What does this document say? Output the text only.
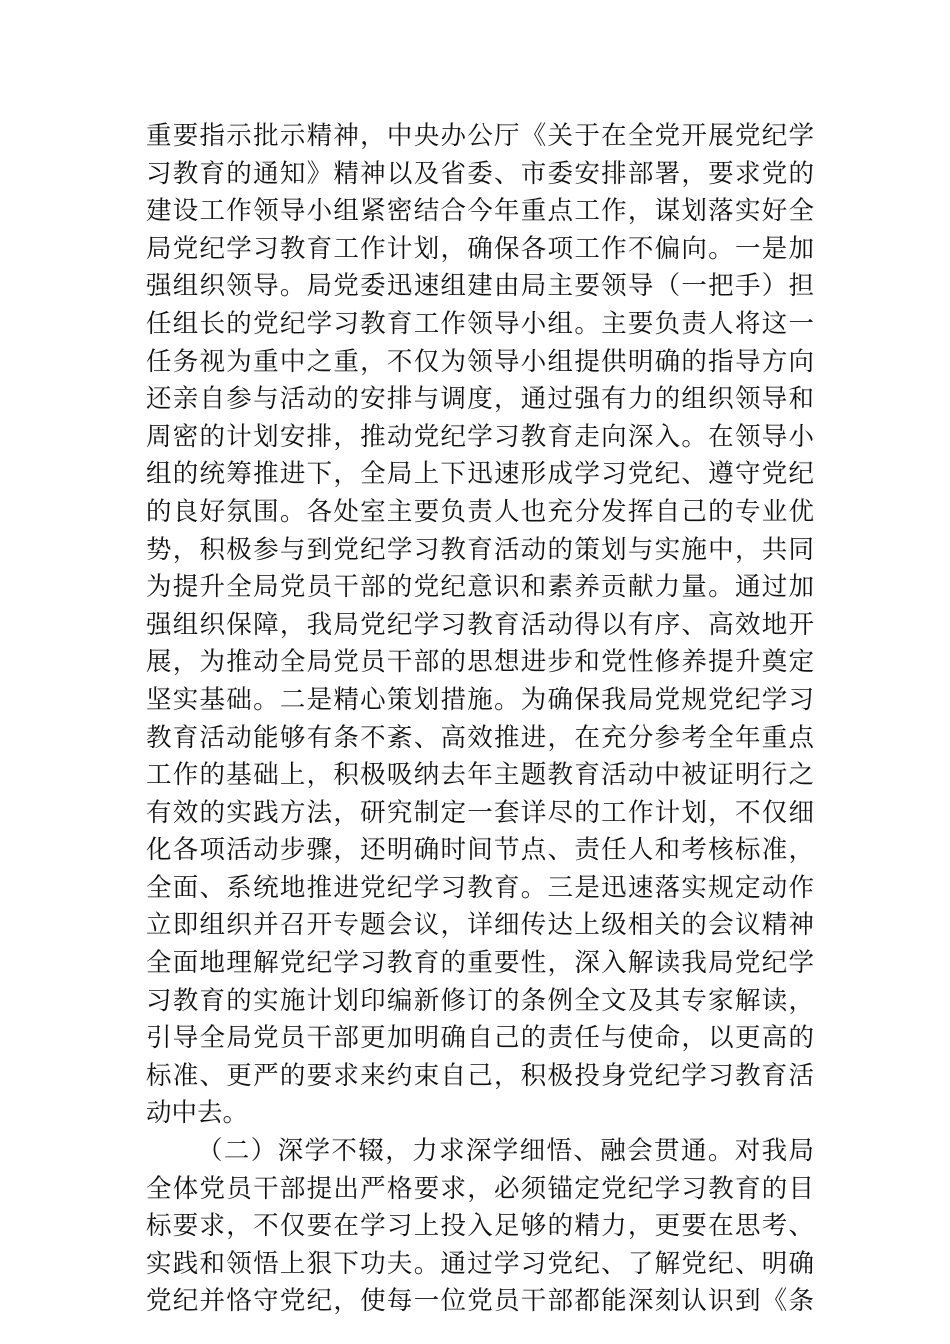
重要指示批示精神，中央办公厅《关于在全党开展党纪学
习教育的通知》精神以及省委、市委安排部署，要求党的
建设工作领导小组紧密结合今年重点工作，谋划落实好全
局党纪学习教育工作计划，确保各项工作不偏向。一是加
强组织领导。局党委迅速组建由局主要领导（一把手）担
任组长的党纪学习教育工作领导小组。主要负责人将这一
任务视为重中之重，不仅为领导小组提供明确的指导方向
还亲自参与活动的安排与调度，通过强有力的组织领导和
周密的计划安排，推动党纪学习教育走向深入。在领导小
组的统筹推进下，全局上下迅速形成学习党纪、遵守党纪
的良好氛围。各处室主要负责人也充分发挥自己的专业优
势，积极参与到党纪学习教育活动的策划与实施中，共同
为提升全局党员干部的党纪意识和素养贡献力量。通过加
强组织保障，我局党纪学习教育活动得以有序、高效地开
展，为推动全局党员干部的思想进步和党性修养提升奠定
坚实基础。二是精心策划措施。为确保我局党规党纪学习
教育活动能够有条不紊、高效推进，在充分参考全年重点
工作的基础上，积极吸纳去年主题教育活动中被证明行之
有效的实践方法，研究制定一套详尽的工作计划，不仅细
化各项活动步骤，还明确时间节点、责任人和考核标准，
全面、系统地推进党纪学习教育。三是迅速落实规定动作
立即组织并召开专题会议，详细传达上级相关的会议精神
全面地理解党纪学习教育的重要性，深入解读我局党纪学
习教育的实施计划印编新修订的条例全文及其专家解读，
引导全局党员干部更加明确自己的责任与使命，以更高的
标准、更严的要求来约束自己，积极投身党纪学习教育活
动中去。
（二）深学不辍，力求深学细悟、融会贯通。对我局
全体党员干部提出严格要求，必须锚定党纪学习教育的目
标要求，不仅要在学习上投入足够的精力，更要在思考、
实践和领悟上狠下功夫。通过学习党纪、了解党纪、明确
党纪并恪守党纪，使每一位党员干部都能深刻认识到《条
